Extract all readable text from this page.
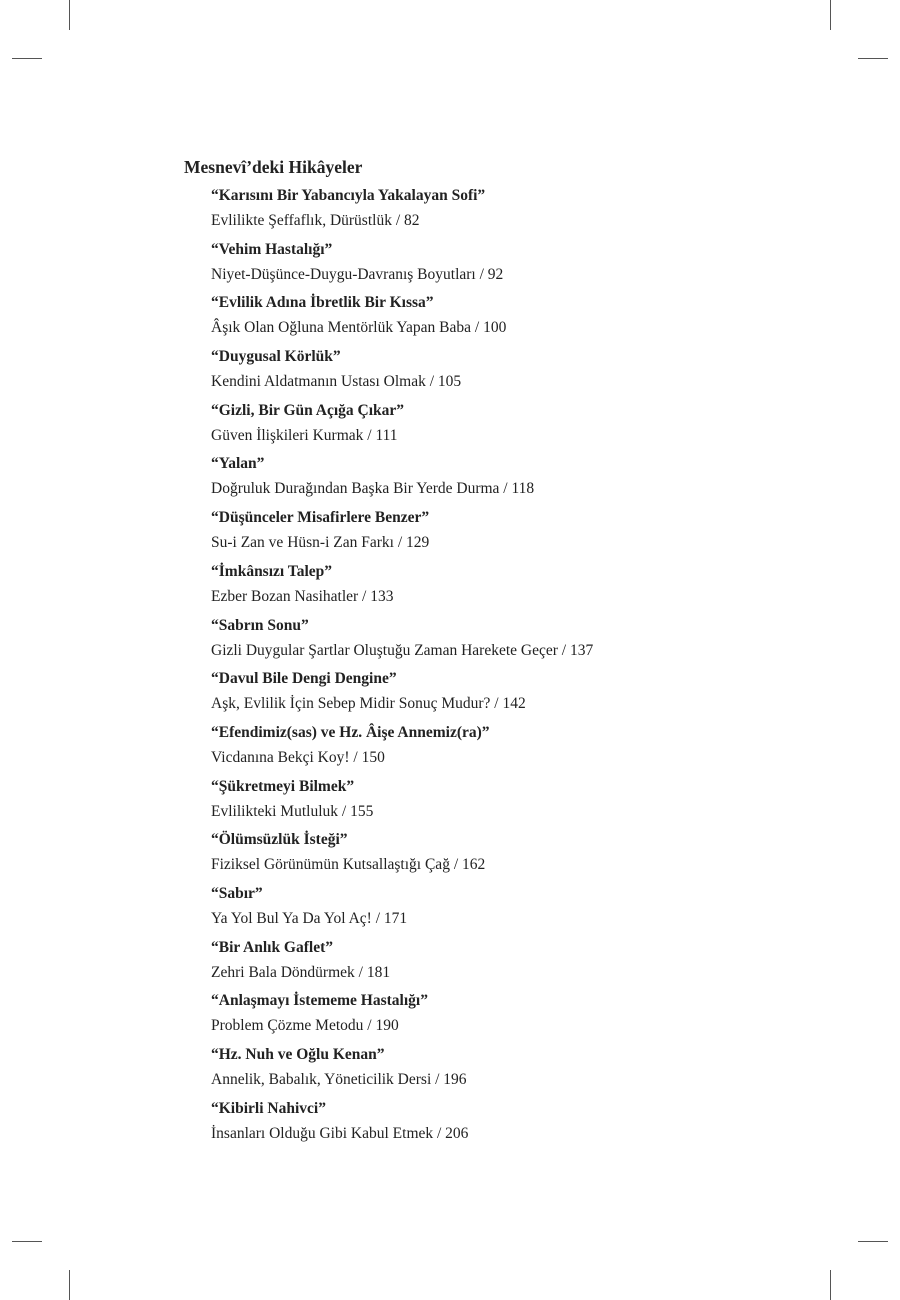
Mesnevî’deki Hikâyeler
“Karısını Bir Yabancıyla Yakalayan Sofi”
Evlilikte Şeffaflık, Dürüstlük / 82
“Vehim Hastalığı”
Niyet-Düşünce-Duygu-Davranış Boyutları / 92
“Evlilik Adına İbretlik Bir Kıssa”
Âşık Olan Oğluna Mentörlük Yapan Baba / 100
“Duygusal Körlük”
Kendini Aldatmanın Ustası Olmak / 105
“Gizli, Bir Gün Açığa Çıkar”
Güven İlişkileri Kurmak / 111
“Yalan”
Doğruluk Durağından Başka Bir Yerde Durma / 118
“Düşünceler Misafirlere Benzer”
Su-i Zan ve Hüsn-i Zan Farkı / 129
“İmkânsızı Talep”
Ezber Bozan Nasihatler / 133
“Sabrın Sonu”
Gizli Duygular Şartlar Oluştuğu Zaman Harekete Geçer / 137
“Davul Bile Dengi Dengine”
Aşk, Evlilik İçin Sebep Midir Sonuç Mudur? / 142
“Efendimiz(sas) ve Hz. Âişe Annemiz(ra)”
Vicdanına Bekçi Koy! / 150
“Şükretmeyi Bilmek”
Evlilikteki Mutluluk / 155
“Ölümsüzlük İsteği”
Fiziksel Görünümün Kutsallaştığı Çağ / 162
“Sabır”
Ya Yol Bul Ya Da Yol Aç! / 171
“Bir Anlık Gaflet”
Zehri Bala Döndürmek / 181
“Anlaşmayı İstememe Hastalığı”
Problem Çözme Metodu / 190
“Hz. Nuh ve Oğlu Kenan”
Annelik, Babalık, Yöneticilik Dersi / 196
“Kibirli Nahivci”
İnsanları Olduğu Gibi Kabul Etmek / 206
